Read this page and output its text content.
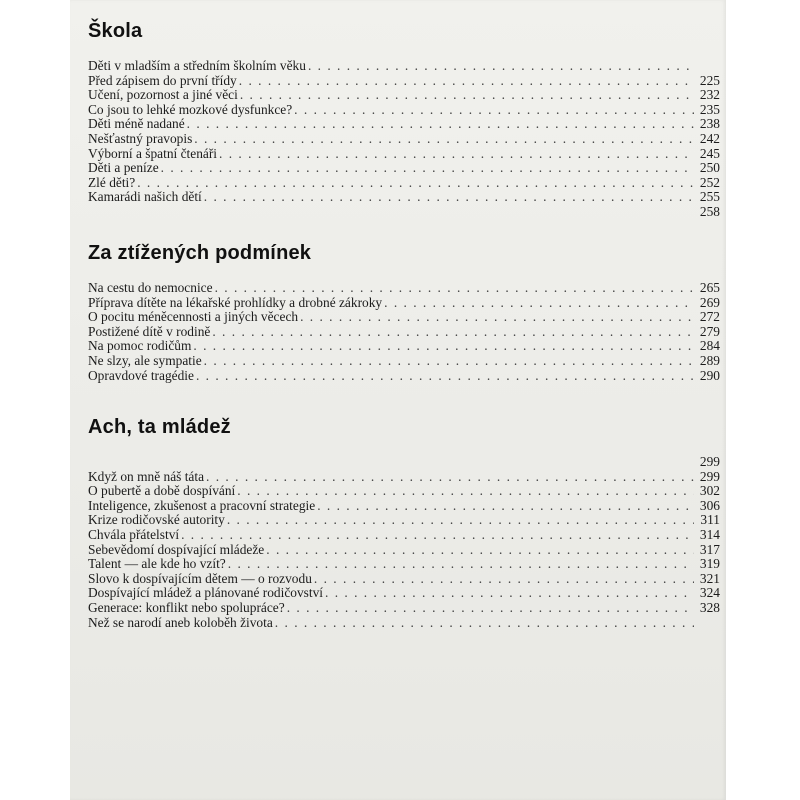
Škola
Děti v mladším a středním školním věku
. . .
Před zápisem do první třídy . . .	225
Učení, pozornost a jiné věci . . .	232
Co jsou to lehké mozkové dysfunkce? . . .	235
Děti méně nadané . . .	238
Nešťastný pravopis . . .	242
Výborní a špatní čtenáři . . .	245
Děti a peníze . . .	250
Zlé děti? . . .	252
Kamarádi našich dětí . . .	255
258
Za ztížených podmínek
Na cestu do nemocnice . . .	265
Příprava dítěte na lékařské prohlídky a drobné zákroky . . .	269
O pocitu méněcennosti a jiných věcech . . .	272
Postižené dítě v rodině . . .	279
Na pomoc rodičům . . .	284
Ne slzy, ale sympatie . . .	289
Opravdové tragédie . . .	290
Ach, ta mládež
299
Když on mně náš táta . . .	299
O pubertě a době dospívání . . .	302
Inteligence, zkušenost a pracovní strategie . . .	306
Krize rodičovské autority . . .	311
Chvála přátelství . . .	314
Sebevědomí dospívající mládeže . . .	317
Talent — ale kde ho vzít? . . .	319
Slovo k dospívajícím dětem — o rozvodu . . .	321
Dospívající mládež a plánované rodičovství . . .	324
Generace: konflikt nebo spolupráce? . . .	328
Než se narodí aneb koloběh života
. . .
